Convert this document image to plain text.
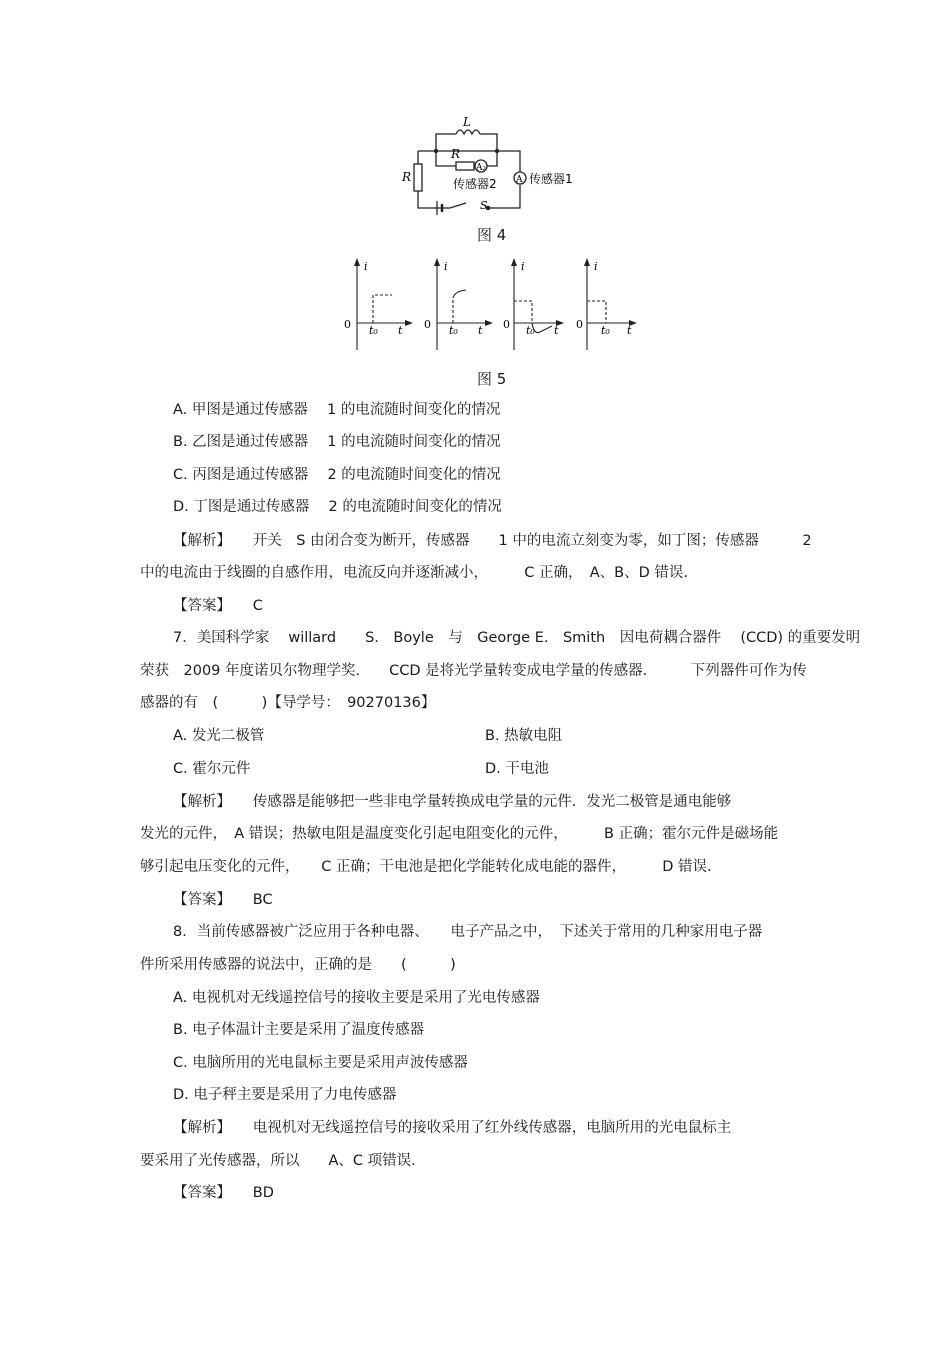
L
R
R
A₂
A
传感器2	传感器1
S
图 4
i
0 t₀ t
i
0 t₀ t
i
0 t₀ t
i
0 t₀ t
图 5
A. 甲图是通过传感器　 1 的电流随时间变化的情况
B. 乙图是通过传感器　 1 的电流随时间变化的情况
C. 丙图是通过传感器　 2 的电流随时间变化的情况
D. 丁图是通过传感器　 2 的电流随时间变化的情况
【解析】　　开关　S 由闭合变为断开，传感器　　1 中的电流立刻变为零，如丁图；传感器　　　2
中的电流由于线圈的自感作用，电流反向并逐渐减小，　　　C 正确，　A、B、D 错误.
【答案】　　C
7．美国科学家　 willard　　S.　Boyle　与　George E.　Smith　因电荷耦合器件　 (CCD) 的重要发明
荣获　2009 年度诺贝尔物理学奖.　　CCD 是将光学量转变成电学量的传感器.　　　下列器件可作为传
感器的有　(　　　)【导学号：　90270136】
A. 发光二极管	B. 热敏电阻
C. 霍尔元件	D. 干电池
【解析】　　传感器是能够把一些非电学量转换成电学量的元件．发光二极管是通电能够
发光的元件，　A 错误；热敏电阻是温度变化引起电阻变化的元件，　　　B 正确；霍尔元件是磁场能
够引起电压变化的元件，　　C 正确；干电池是把化学能转化成电能的器件，　　　D 错误.
【答案】　　BC
8．当前传感器被广泛应用于各种电器、　　电子产品之中，　下述关于常用的几种家用电子器
件所采用传感器的说法中，正确的是　　(　　　)
A. 电视机对无线遥控信号的接收主要是采用了光电传感器
B. 电子体温计主要是采用了温度传感器
C. 电脑所用的光电鼠标主要是采用声波传感器
D. 电子秤主要是采用了力电传感器
【解析】　　电视机对无线遥控信号的接收采用了红外线传感器，电脑所用的光电鼠标主
要采用了光传感器，所以　　A、C 项错误.
【答案】　　BD
